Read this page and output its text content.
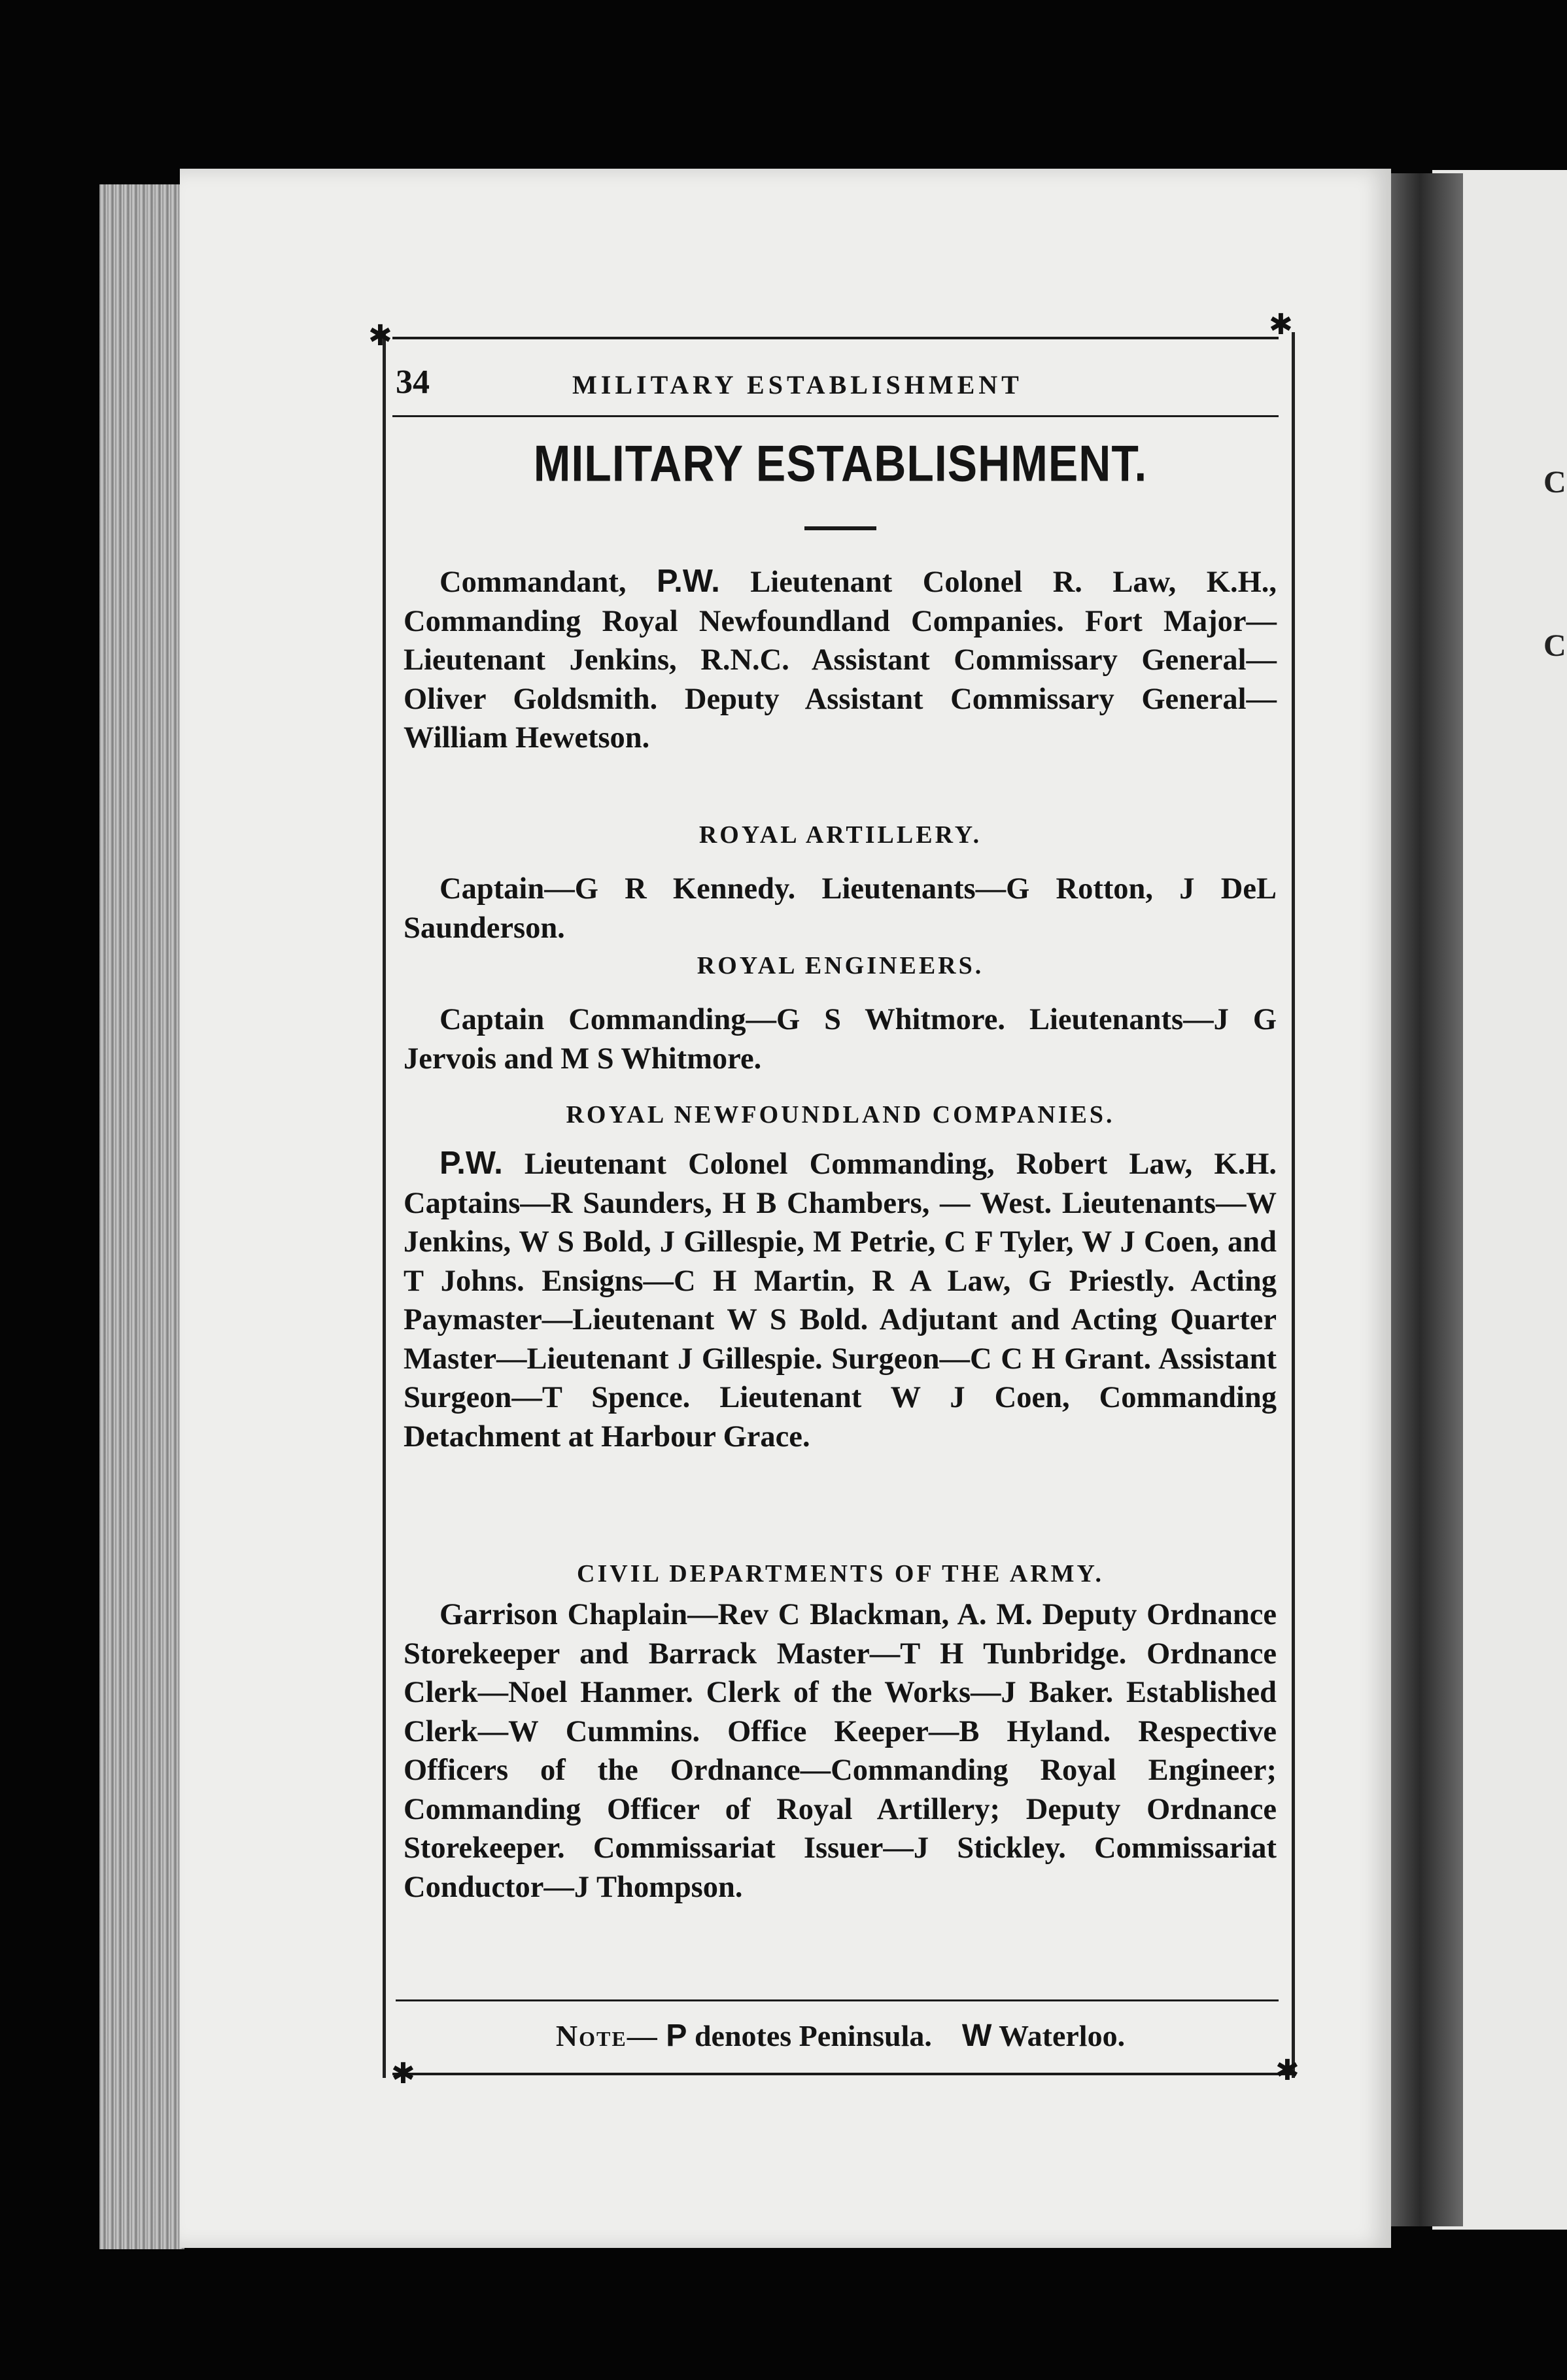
C
C
✱	✱
✱	✱
34	MILITARY ESTABLISHMENT
MILITARY ESTABLISHMENT.
Commandant, P.W. Lieutenant Colonel R. Law, K.H., Commanding Royal Newfoundland Companies. Fort Major—Lieutenant Jenkins, R.N.C. Assistant Commissary General—Oliver Goldsmith. Deputy Assistant Commissary General—William Hewetson.
ROYAL ARTILLERY.
Captain—G R Kennedy. Lieutenants—G Rotton, J DeL Saunderson.
ROYAL ENGINEERS.
Captain Commanding—G S Whitmore. Lieutenants—J G Jervois and M S Whitmore.
ROYAL NEWFOUNDLAND COMPANIES.
P.W. Lieutenant Colonel Commanding, Robert Law, K.H. Captains—R Saunders, H B Chambers, — West. Lieutenants—W Jenkins, W S Bold, J Gillespie, M Petrie, C F Tyler, W J Coen, and T Johns. Ensigns—C H Martin, R A Law, G Priestly. Acting Paymaster—Lieutenant W S Bold. Adjutant and Acting Quarter Master—Lieutenant J Gillespie. Surgeon—C C H Grant. Assistant Surgeon—T Spence. Lieutenant W J Coen, Commanding Detachment at Harbour Grace.
CIVIL DEPARTMENTS OF THE ARMY.
Garrison Chaplain—Rev C Blackman, A. M. Deputy Ordnance Storekeeper and Barrack Master—T H Tunbridge. Ordnance Clerk—Noel Hanmer. Clerk of the Works—J Baker. Established Clerk—W Cummins. Office Keeper—B Hyland. Respective Officers of the Ordnance—Commanding Royal Engineer; Commanding Officer of Royal Artillery; Deputy Ordnance Storekeeper. Commissariat Issuer—J Stickley. Commissariat Conductor—J Thompson.
Note— P denotes Peninsula. W Waterloo.
